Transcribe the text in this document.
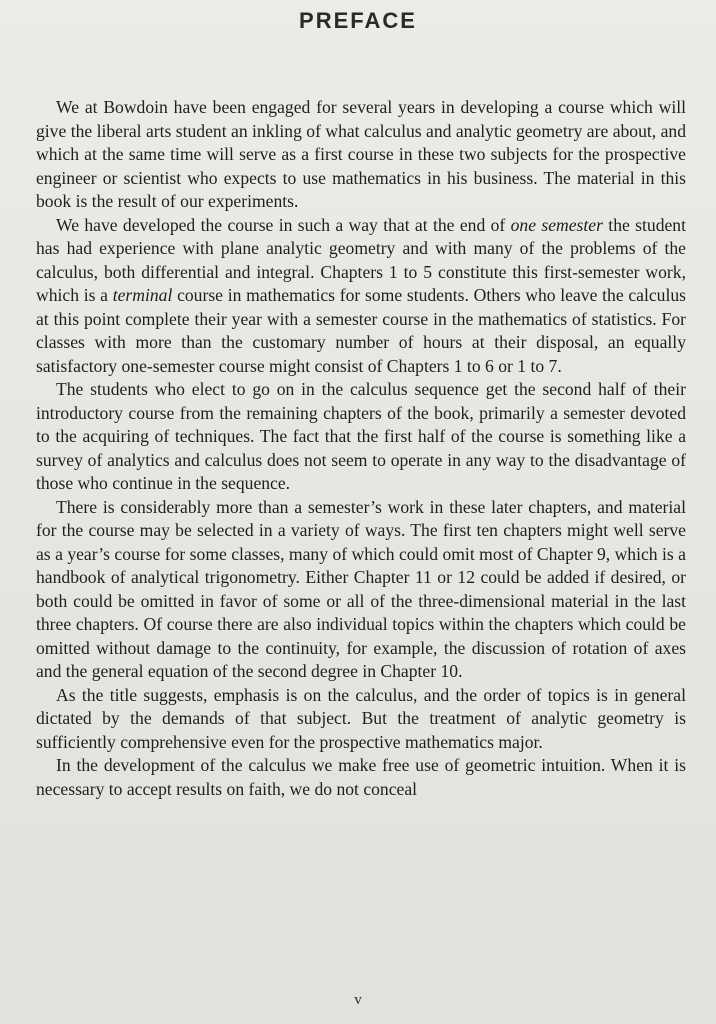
PREFACE

We at Bowdoin have been engaged for several years in developing a course which will give the liberal arts student an inkling of what calculus and analytic geometry are about, and which at the same time will serve as a first course in these two subjects for the prospective engineer or scientist who expects to use mathematics in his business. The material in this book is the result of our experiments.

We have developed the course in such a way that at the end of one semester the student has had experience with plane analytic geometry and with many of the problems of the calculus, both differential and integral. Chapters 1 to 5 constitute this first-semester work, which is a terminal course in mathematics for some students. Others who leave the calculus at this point complete their year with a semester course in the mathematics of statistics. For classes with more than the customary number of hours at their disposal, an equally satisfactory one-semester course might consist of Chapters 1 to 6 or 1 to 7.

The students who elect to go on in the calculus sequence get the second half of their introductory course from the remaining chapters of the book, primarily a semester devoted to the acquiring of techniques. The fact that the first half of the course is something like a survey of analytics and calculus does not seem to operate in any way to the disadvantage of those who continue in the sequence.

There is considerably more than a semester’s work in these later chapters, and material for the course may be selected in a variety of ways. The first ten chapters might well serve as a year’s course for some classes, many of which could omit most of Chapter 9, which is a handbook of analytical trigonometry. Either Chapter 11 or 12 could be added if desired, or both could be omitted in favor of some or all of the three-dimensional material in the last three chapters. Of course there are also individual topics within the chapters which could be omitted without damage to the continuity, for example, the discussion of rotation of axes and the general equation of the second degree in Chapter 10.

As the title suggests, emphasis is on the calculus, and the order of topics is in general dictated by the demands of that subject. But the treatment of analytic geometry is sufficiently comprehensive even for the prospective mathematics major.

In the development of the calculus we make free use of geometric intuition. When it is necessary to accept results on faith, we do not conceal

v
